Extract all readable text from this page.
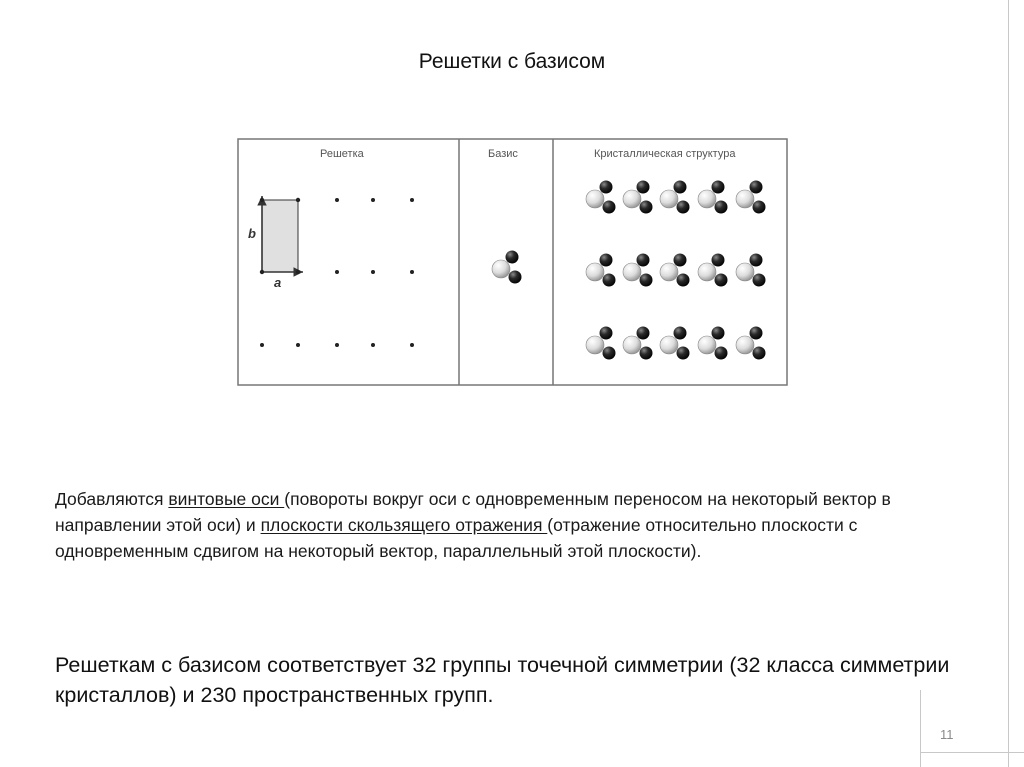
Решетки с базисом
Решетка	Базис	Кристаллическая структура
a
b
Добавляются винтовые оси (повороты вокруг оси с одновременным переносом на некоторый вектор в направлении этой оси) и плоскости скользящего отражения (отражение относительно плоскости с одновременным сдвигом на некоторый вектор, параллельный этой плоскости).
Решеткам с базисом соответствует 32 группы точечной симметрии (32 класса симметрии кристаллов) и 230 пространственных групп.
11
